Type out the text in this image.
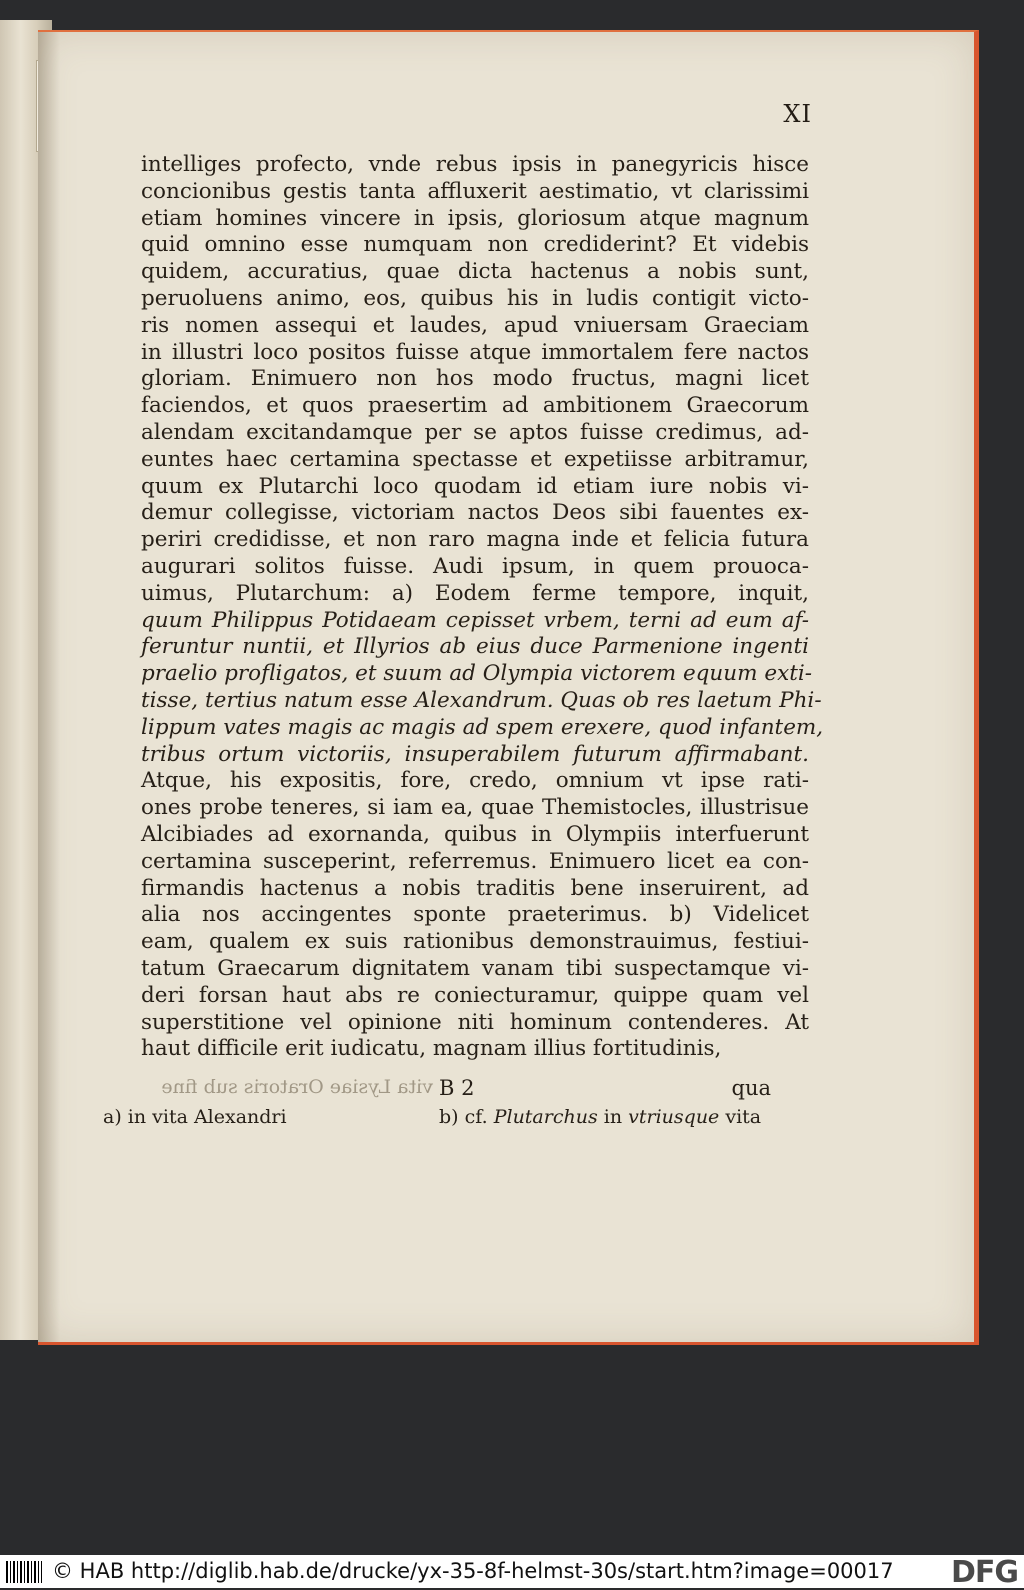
XI
intelliges profecto, vnde rebus ipsis in panegyricis hisce
concionibus gestis tanta affluxerit aestimatio, vt clarissimi
etiam homines vincere in ipsis, gloriosum atque magnum
quid omnino esse numquam non crediderint? Et videbis
quidem, accuratius, quae dicta hactenus a nobis sunt,
peruoluens animo, eos, quibus his in ludis contigit victo-
ris nomen assequi et laudes, apud vniuersam Graeciam
in illustri loco positos fuisse atque immortalem fere nactos
gloriam. Enimuero non hos modo fructus, magni licet
faciendos, et quos praesertim ad ambitionem Graecorum
alendam excitandamque per se aptos fuisse credimus, ad-
euntes haec certamina spectasse et expetiisse arbitramur,
quum ex Plutarchi loco quodam id etiam iure nobis vi-
demur collegisse, victoriam nactos Deos sibi fauentes ex-
periri credidisse, et non raro magna inde et felicia futura
augurari solitos fuisse. Audi ipsum, in quem prouoca-
uimus, Plutarchum: a) Eodem ferme tempore, inquit,
quum Philippus Potidaeam cepisset vrbem, terni ad eum af-
feruntur nuntii, et Illyrios ab eius duce Parmenione ingenti
praelio profligatos, et suum ad Olympia victorem equum exti-
tisse, tertius natum esse Alexandrum. Quas ob res laetum Phi-
lippum vates magis ac magis ad spem erexere, quod infantem,
tribus ortum victoriis, insuperabilem futurum affirmabant.
Atque, his expositis, fore, credo, omnium vt ipse rati-
ones probe teneres, si iam ea, quae Themistocles, illustrisue
Alcibiades ad exornanda, quibus in Olympiis interfuerunt
certamina susceperint, referremus. Enimuero licet ea con-
firmandis hactenus a nobis traditis bene inseruirent, ad
alia nos accingentes sponte praeterimus. b) Videlicet
eam, qualem ex suis rationibus demonstrauimus, festiui-
tatum Graecarum dignitatem vanam tibi suspectamque vi-
deri forsan haut abs re coniecturamur, quippe quam vel
superstitione vel opinione niti hominum contenderes. At
haut difficile erit iudicatu, magnam illius fortitudinis,
vita Lysiae Oratoris sub fine B 2	qua
a) in vita Alexandri	b) cf. Plutarchus in vtriusque vita
© HAB http://diglib.hab.de/drucke/yx-35-8f-helmst-30s/start.htm?image=00017 DFG
